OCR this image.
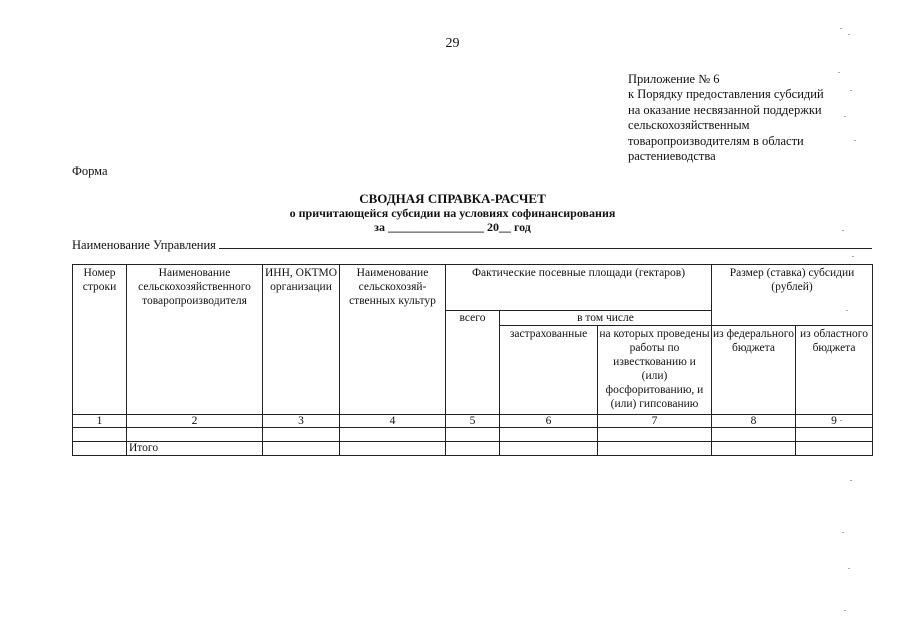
29
Приложение № 6
к Порядку предоставления субсидий
на оказание несвязанной поддержки
сельскохозяйственным
товаропроизводителям в области
растениеводства
Форма
СВОДНАЯ СПРАВКА-РАСЧЕТ
о причитающейся субсидии на условиях софинансирования
за ________________ 20__ год
Наименование Управления
Номер строки	Наименование сельскохозяйственного товаропроизводителя	ИНН, ОКТМО организации	Наименование сельскохозяй-ственных культур	Фактические посевные площади (гектаров)			Размер (ставка) субсидии (рублей)	
				всего	в том числе			
					застрахованные	на которых проведены работы по известкованию и (или) фосфоритованию, и (или) гипсованию	из федерального бюджета	из областного бюджета
1	2	3	4	5	6	7	8	9

	Итого							
